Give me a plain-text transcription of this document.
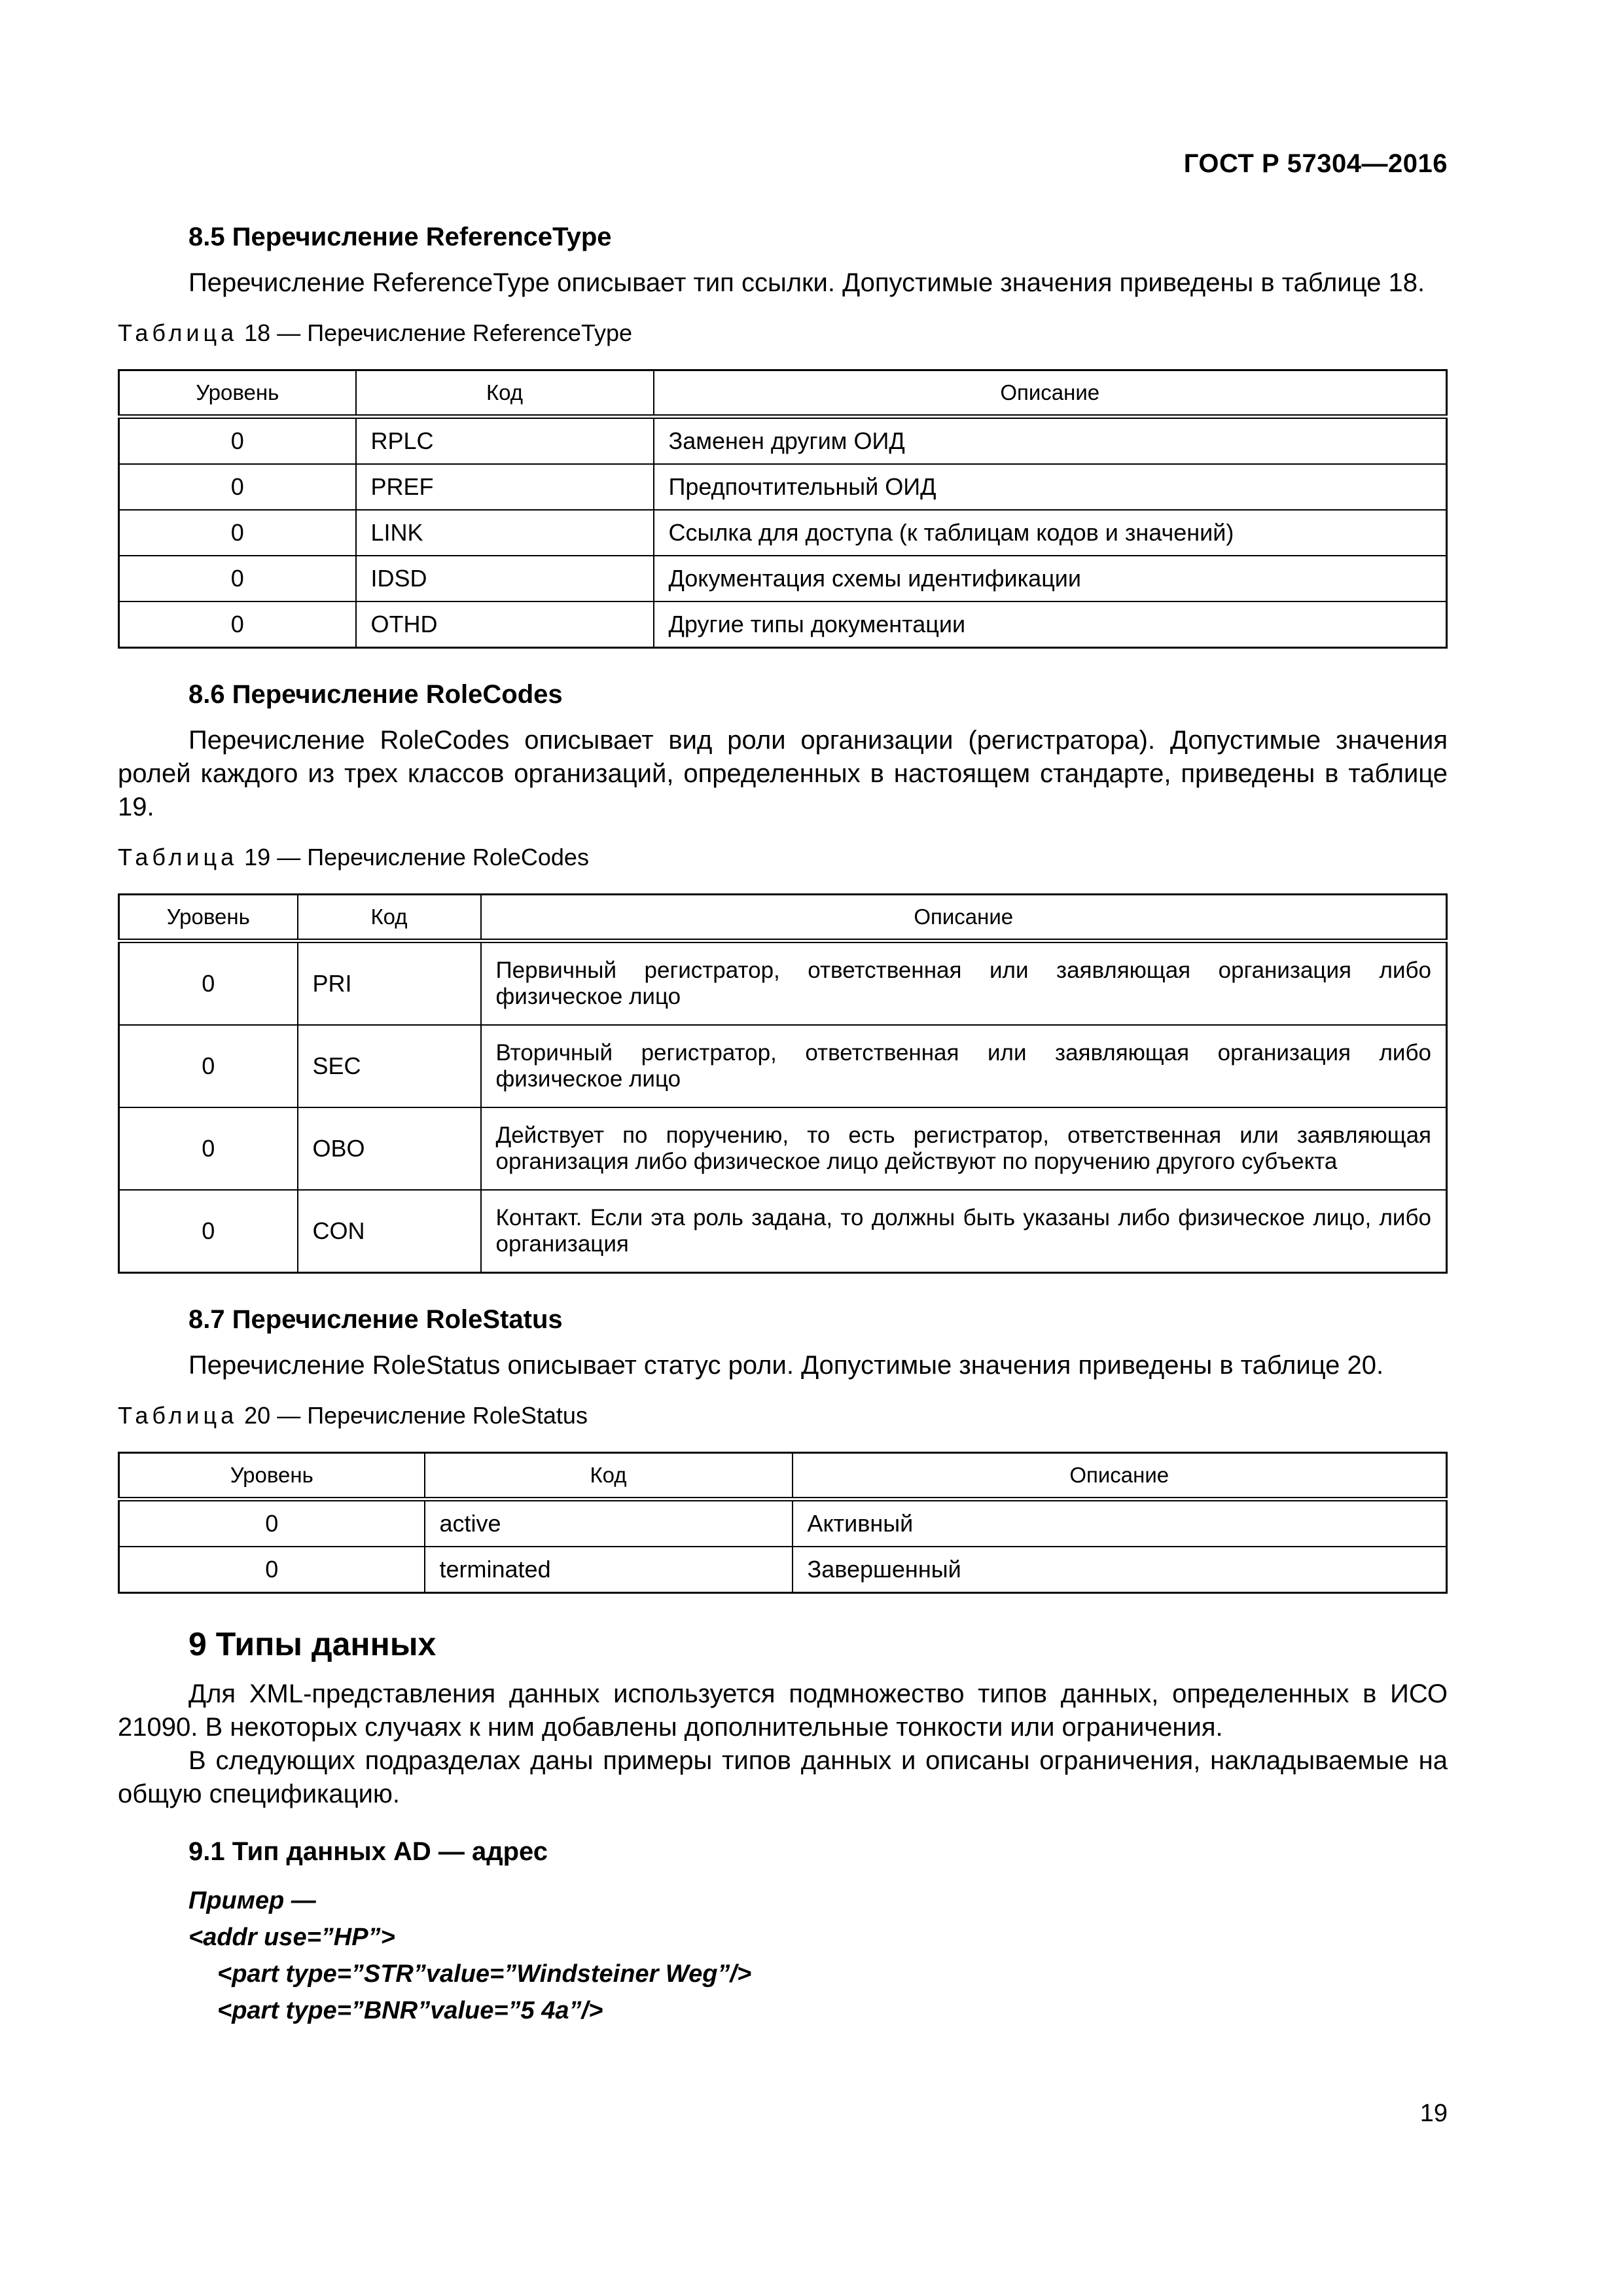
ГОСТ Р 57304—2016
8.5 Перечисление ReferenceType

Перечисление ReferenceType описывает тип ссылки. Допустимые значения приведены в таблице 18.

Таблица 18 — Перечисление ReferenceType
Уровень	Код	Описание
0	RPLC	Заменен другим ОИД
0	PREF	Предпочтительный ОИД
0	LINK	Ссылка для доступа (к таблицам кодов и значений)
0	IDSD	Документация схемы идентификации
0	OTHD	Другие типы документации
8.6 Перечисление RoleCodes

Перечисление RoleCodes описывает вид роли организации (регистратора). Допустимые значения ролей каждого из трех классов организаций, определенных в настоящем стандарте, приведены в таблице 19.

Таблица 19 — Перечисление RoleCodes
Уровень	Код	Описание
0	PRI	Первичный регистратор, ответственная или заявляющая организация либо физическое лицо
0	SEC	Вторичный регистратор, ответственная или заявляющая организация либо физическое лицо
0	OBO	Действует по поручению, то есть регистратор, ответственная или заявляющая организация либо физическое лицо действуют по поручению другого субъекта
0	CON	Контакт. Если эта роль задана, то должны быть указаны либо физическое лицо, либо организация
8.7 Перечисление RoleStatus

Перечисление RoleStatus описывает статус роли. Допустимые значения приведены в таблице 20.

Таблица 20 — Перечисление RoleStatus
Уровень	Код	Описание
0	active	Активный
0	terminated	Завершенный
9 Типы данных

Для XML-представления данных используется подмножество типов данных, определенных в ИСО 21090. В некоторых случаях к ним добавлены дополнительные тонкости или ограничения.

В следующих подразделах даны примеры типов данных и описаны ограничения, накладываемые на общую спецификацию.

9.1 Тип данных AD — адрес
Пример —
<addr use=”HP”>
<part type=”STR”value=”Windsteiner Weg”/>
<part type=”BNR”value=”5 4a”/>
19
